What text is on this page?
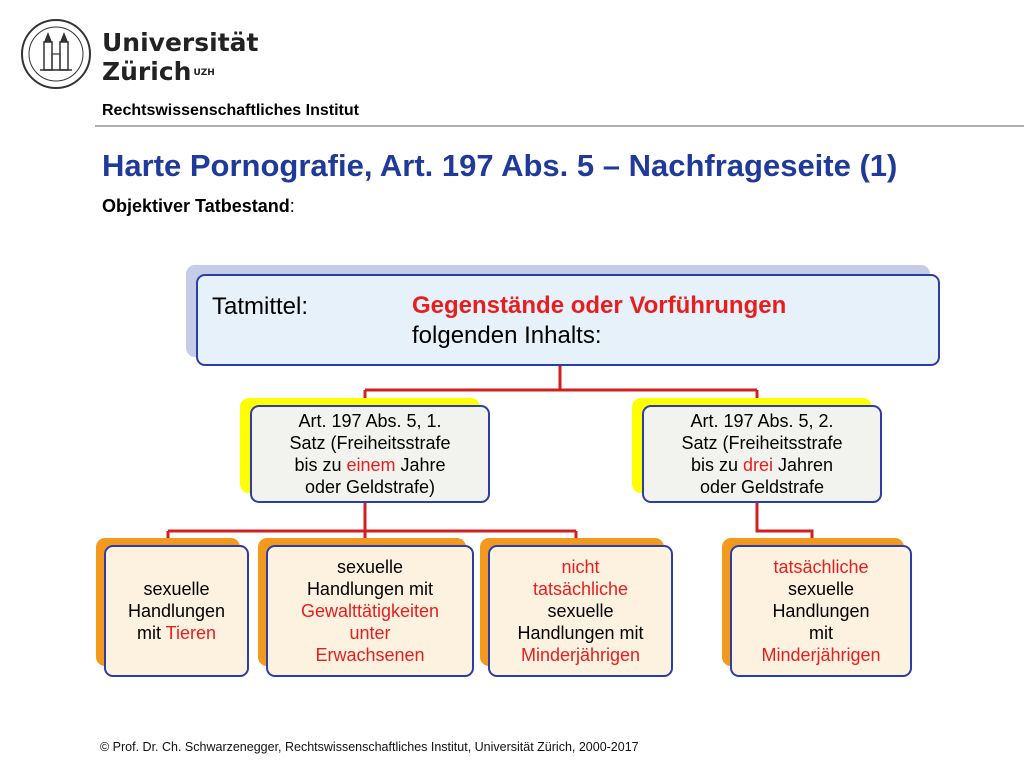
Universität
Zürich $^{UZH}$
Rechtswissenschaftliches Institut
Harte Pornografie, Art. 197 Abs. 5 – Nachfrageseite (1)
Objektiver Tatbestand:
Tatmittel:	Gegenstände oder Vorführungen
folgenden Inhalts:
Art. 197 Abs. 5, 1.
Satz (Freiheitsstrafe
bis zu einem Jahre
oder Geldstrafe)
Art. 197 Abs. 5, 2.
Satz (Freiheitsstrafe
bis zu drei Jahren
oder Geldstrafe
sexuelle
Handlungen
mit Tieren
sexuelle
Handlungen mit
Gewalttätigkeiten
unter
Erwachsenen
nicht
tatsächliche
sexuelle
Handlungen mit
Minderjährigen
tatsächliche
sexuelle
Handlungen
mit
Minderjährigen
© Prof. Dr. Ch. Schwarzenegger, Rechtswissenschaftliches Institut, Universität Zürich, 2000-2017
